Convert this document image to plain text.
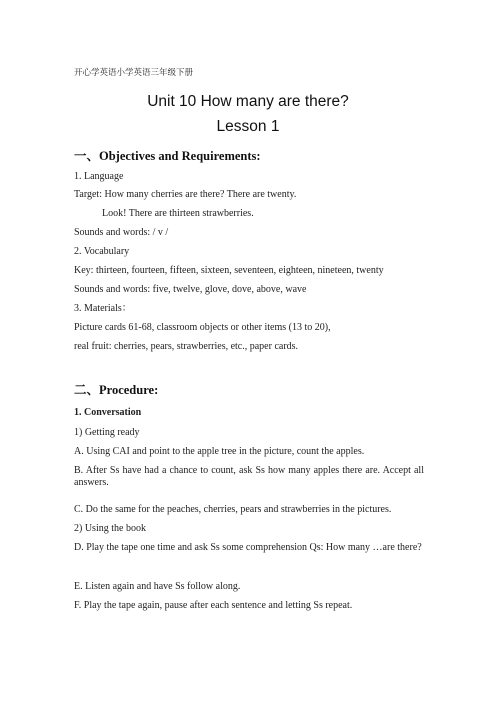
开心学英语小学英语三年级下册
Unit 10 How many are there?
Lesson 1
一、Objectives and Requirements:
1. Language
Target: How many cherries are there? There are twenty.
Look! There are thirteen strawberries.
Sounds and words: / v /
2. Vocabulary
Key: thirteen, fourteen, fifteen, sixteen, seventeen, eighteen, nineteen, twenty
Sounds and words: five, twelve, glove, dove, above, wave
3. Materials：
Picture cards 61-68, classroom objects or other items (13 to 20),
real fruit: cherries, pears, strawberries, etc., paper cards.
二、Procedure:
1. Conversation
1) Getting ready
A. Using CAI and point to the apple tree in the picture, count the apples.
B. After Ss have had a chance to count, ask Ss how many apples there are. Accept all answers.
C. Do the same for the peaches, cherries, pears and strawberries in the pictures.
2) Using the book
D. Play the tape one time and ask Ss some comprehension Qs: How many …are there?
E. Listen again and have Ss follow along.
F. Play the tape again, pause after each sentence and letting Ss repeat.
